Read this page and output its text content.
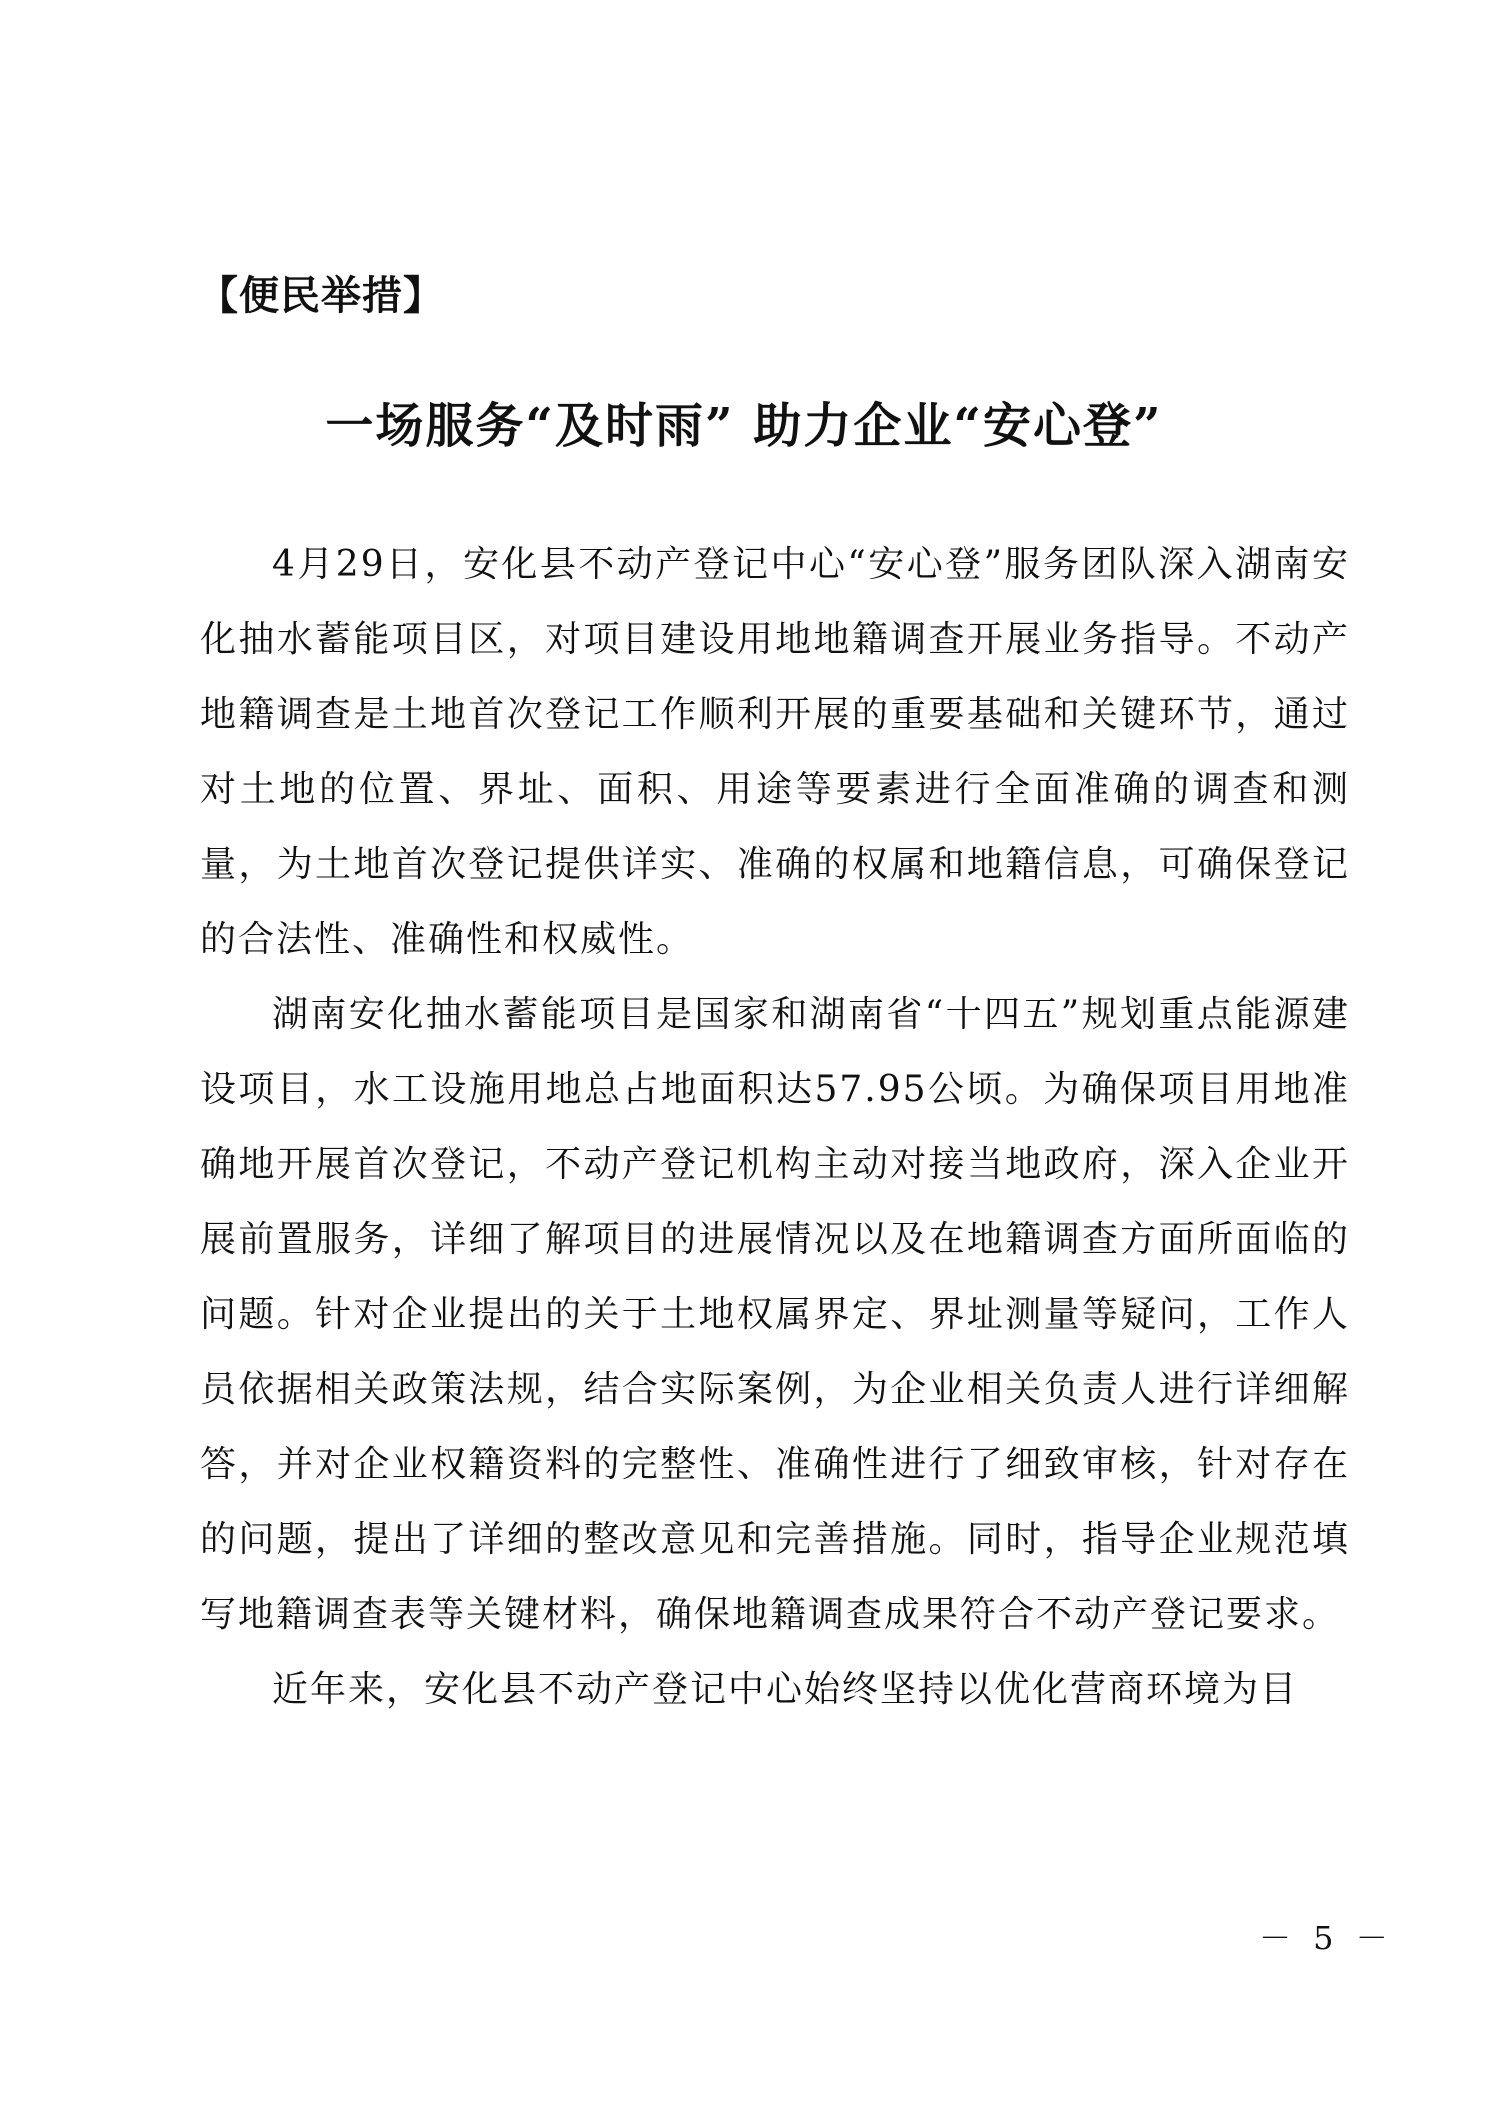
【便民举措】
一场服务“及时雨” 助力企业“安心登”

4月29日，安化县不动产登记中心“安心登”服务团队深入湖南安化抽水蓄能项目区，对项目建设用地地籍调查开展业务指导。不动产地籍调查是土地首次登记工作顺利开展的重要基础和关键环节，通过对土地的位置、界址、面积、用途等要素进行全面准确的调查和测量，为土地首次登记提供详实、准确的权属和地籍信息，可确保登记的合法性、准确性和权威性。

湖南安化抽水蓄能项目是国家和湖南省“十四五”规划重点能源建设项目，水工设施用地总占地面积达57.95公顷。为确保项目用地准确地开展首次登记，不动产登记机构主动对接当地政府，深入企业开展前置服务，详细了解项目的进展情况以及在地籍调查方面所面临的问题。针对企业提出的关于土地权属界定、界址测量等疑问，工作人员依据相关政策法规，结合实际案例，为企业相关负责人进行详细解答，并对企业权籍资料的完整性、准确性进行了细致审核，针对存在的问题，提出了详细的整改意见和完善措施。同时，指导企业规范填写地籍调查表等关键材料，确保地籍调查成果符合不动产登记要求。

近年来，安化县不动产登记中心始终坚持以优化营商环境为目

－ 5 －
